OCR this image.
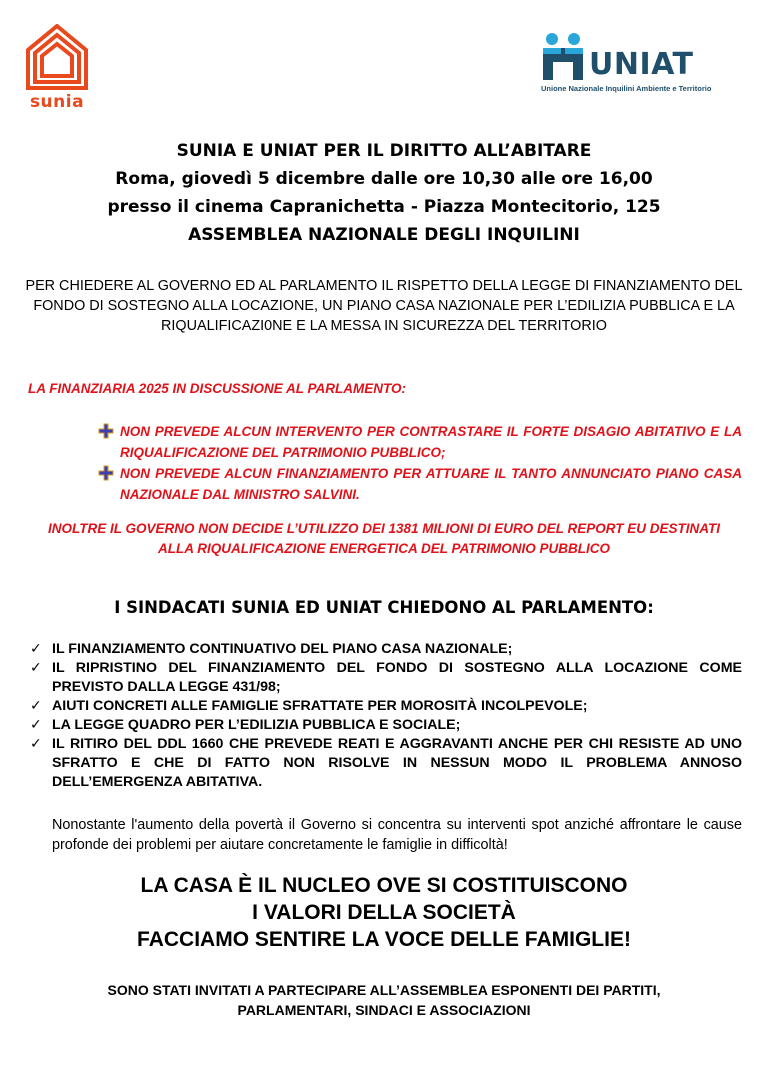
sunia
UNIAT
Unione Nazionale Inquilini Ambiente e Territorio
SUNIA E UNIAT PER IL DIRITTO ALL’ABITARE
Roma, giovedì 5 dicembre dalle ore 10,30 alle ore 16,00
presso il cinema Capranichetta - Piazza Montecitorio, 125
ASSEMBLEA NAZIONALE DEGLI INQUILINI
PER CHIEDERE AL GOVERNO ED AL PARLAMENTO IL RISPETTO DELLA LEGGE DI FINANZIAMENTO DEL FONDO DI SOSTEGNO ALLA LOCAZIONE, UN PIANO CASA NAZIONALE PER L’EDILIZIA PUBBLICA E LA RIQUALIFICAZI0NE E LA MESSA IN SICUREZZA DEL TERRITORIO
LA FINANZIARIA 2025 IN DISCUSSIONE AL PARLAMENTO:
NON PREVEDE ALCUN INTERVENTO PER CONTRASTARE IL FORTE DISAGIO ABITATIVO E LA RIQUALIFICAZIONE DEL PATRIMONIO PUBBLICO;
NON PREVEDE ALCUN FINANZIAMENTO PER ATTUARE IL TANTO ANNUNCIATO PIANO CASA NAZIONALE DAL MINISTRO SALVINI.
INOLTRE IL GOVERNO NON DECIDE L’UTILIZZO DEI 1381 MILIONI DI EURO DEL REPORT EU DESTINATI ALLA RIQUALIFICAZIONE ENERGETICA DEL PATRIMONIO PUBBLICO
I SINDACATI SUNIA ED UNIAT CHIEDONO AL PARLAMENTO:
✓ IL FINANZIAMENTO CONTINUATIVO DEL PIANO CASA NAZIONALE;
✓ IL RIPRISTINO DEL FINANZIAMENTO DEL FONDO DI SOSTEGNO ALLA LOCAZIONE COME PREVISTO DALLA LEGGE 431/98;
✓ AIUTI CONCRETI ALLE FAMIGLIE SFRATTATE PER MOROSITÀ INCOLPEVOLE;
✓ LA LEGGE QUADRO PER L’EDILIZIA PUBBLICA E SOCIALE;
✓ IL RITIRO DEL DDL 1660 CHE PREVEDE REATI E AGGRAVANTI ANCHE PER CHI RESISTE AD UNO SFRATTO E CHE DI FATTO NON RISOLVE IN NESSUN MODO IL PROBLEMA ANNOSO DELL’EMERGENZA ABITATIVA.
Nonostante l'aumento della povertà il Governo si concentra su interventi spot anziché affrontare le cause profonde dei problemi per aiutare concretamente le famiglie in difficoltà!
LA CASA È IL NUCLEO OVE SI COSTITUISCONO
I VALORI DELLA SOCIETÀ
FACCIAMO SENTIRE LA VOCE DELLE FAMIGLIE!
SONO STATI INVITATI A PARTECIPARE ALL’ASSEMBLEA ESPONENTI DEI PARTITI,
PARLAMENTARI, SINDACI E ASSOCIAZIONI
